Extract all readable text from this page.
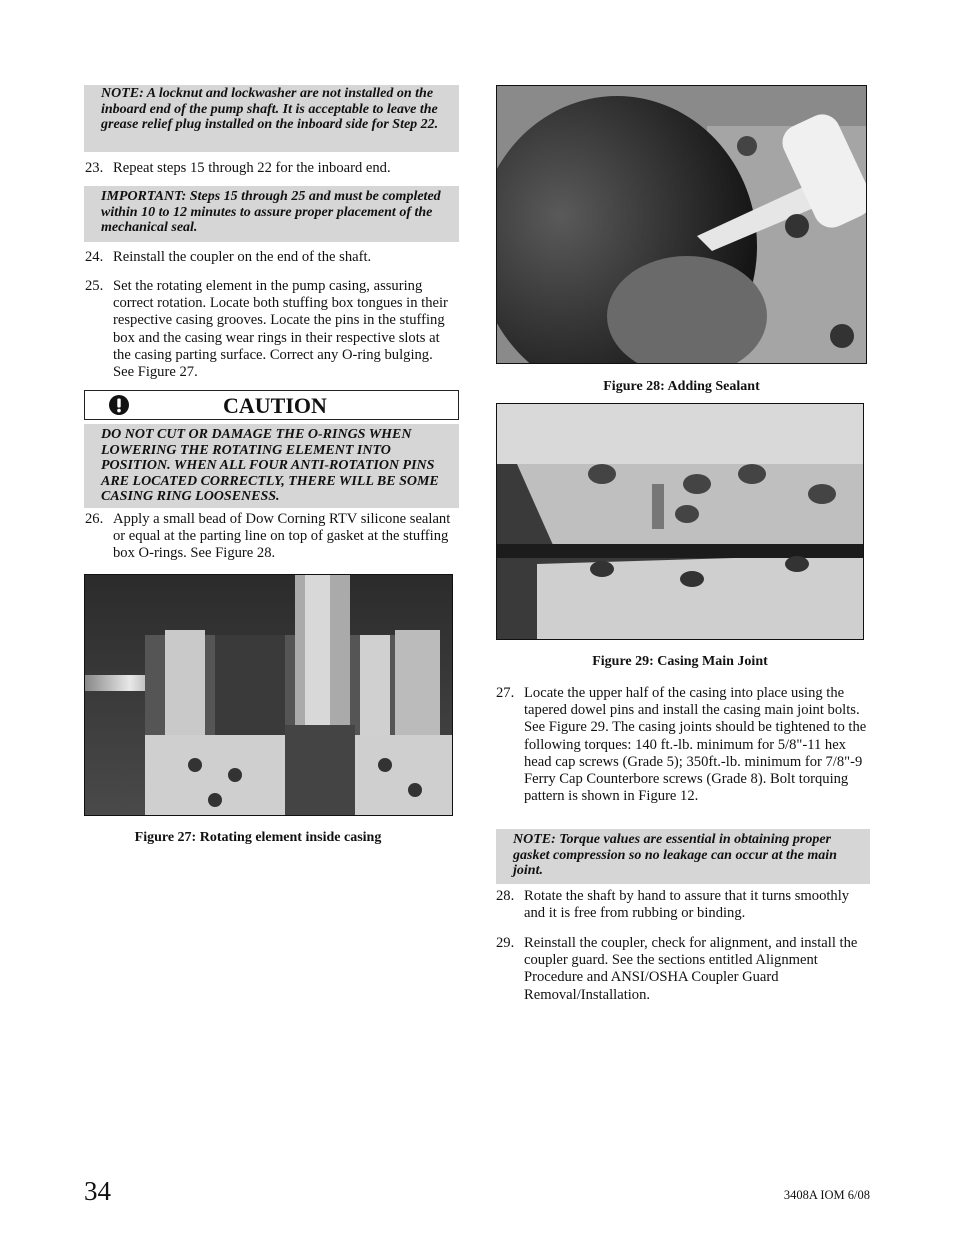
NOTE: A locknut and lockwasher are not installed on the inboard end of the pump shaft. It is acceptable to leave the grease relief plug installed on the inboard side for Step 22.
23. Repeat steps 15 through 22 for the inboard end.
IMPORTANT: Steps 15 through 25 and must be completed within 10 to 12 minutes to assure proper placement of the mechanical seal.
24. Reinstall the coupler on the end of the shaft.
25. Set the rotating element in the pump casing, assuring correct rotation. Locate both stuffing box tongues in their respective casing grooves. Locate the pins in the stuffing box and the casing wear rings in their respective slots at the casing parting surface. Correct any O-ring bulging. See Figure 27.
CAUTION
DO NOT CUT OR DAMAGE THE O-RINGS WHEN LOWERING THE ROTATING ELEMENT INTO POSITION. WHEN ALL FOUR ANTI-ROTATION PINS ARE LOCATED CORRECTLY, THERE WILL BE SOME CASING RING LOOSENESS.
26. Apply a small bead of Dow Corning RTV silicone sealant or equal at the parting line on top of gasket at the stuffing box O-rings. See Figure 28.
Figure 27: Rotating element inside casing
Figure 28: Adding Sealant
Figure 29: Casing Main Joint
27. Locate the upper half of the casing into place using the tapered dowel pins and install the casing main joint bolts. See Figure 29. The casing joints should be tightened to the following torques: 140 ft.-lb. minimum for 5/8"-11 hex head cap screws (Grade 5); 350ft.-lb. minimum for 7/8"-9 Ferry Cap Counterbore screws (Grade 8). Bolt torquing pattern is shown in Figure 12.
NOTE: Torque values are essential in obtaining proper gasket compression so no leakage can occur at the main joint.
28. Rotate the shaft by hand to assure that it turns smoothly and it is free from rubbing or binding.
29. Reinstall the coupler, check for alignment, and install the coupler guard. See the sections entitled Alignment Procedure and ANSI/OSHA Coupler Guard Removal/Installation.
34	3408A IOM 6/08
